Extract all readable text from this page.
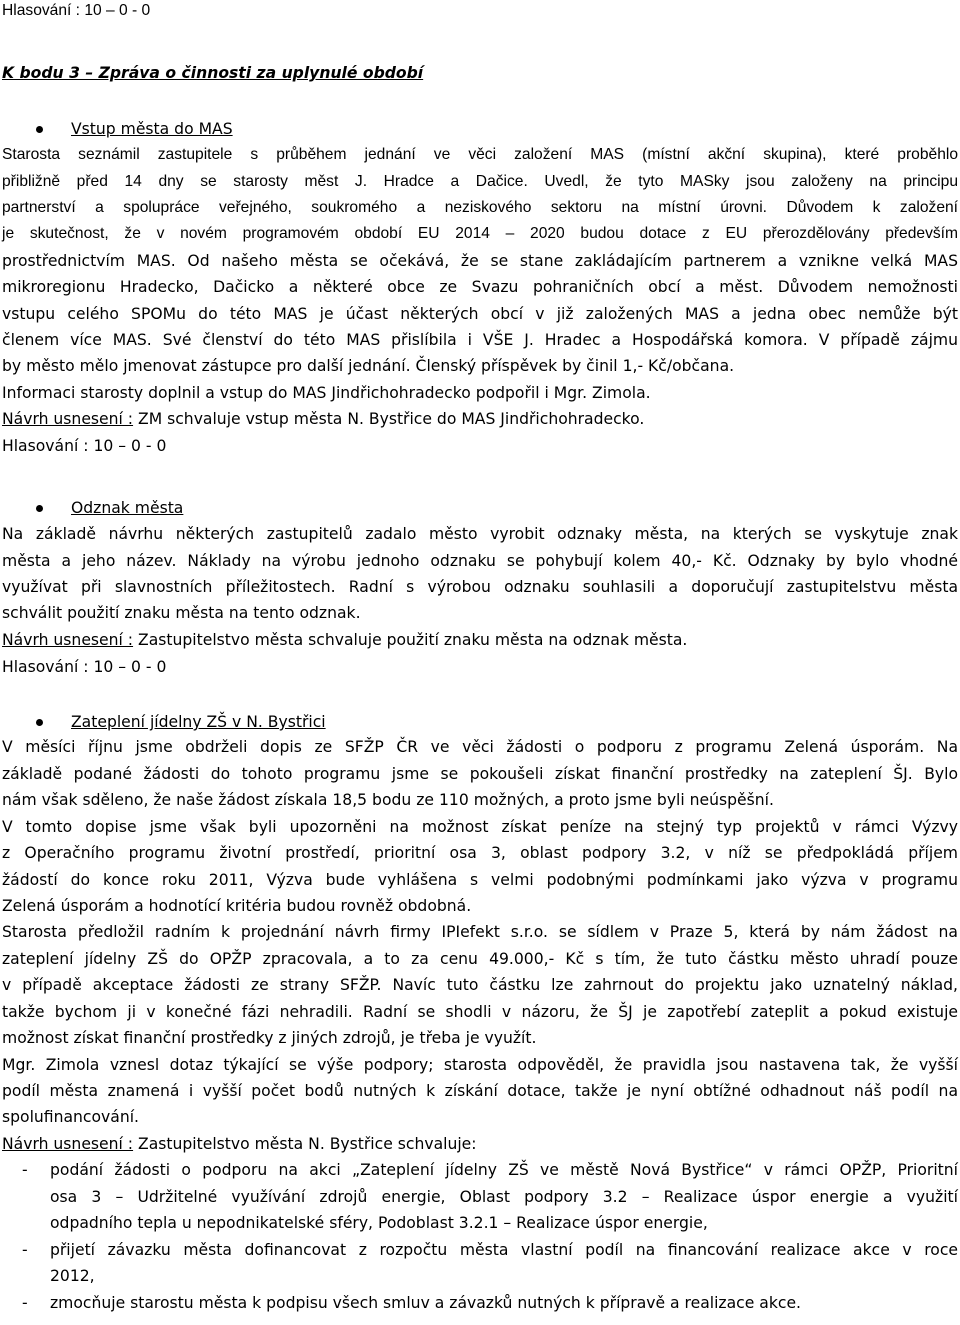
Hlasování : 10 – 0 - 0
K bodu 3 – Zpráva o činnosti za uplynulé období
Vstup města do MAS
Starosta seznámil zastupitele s průběhem jednání ve věci založení MAS (místní akční skupina), které proběhlo
přibližně před 14 dny se starosty měst J. Hradce a Dačice. Uvedl, že tyto MASky jsou založeny na principu
partnerství a spolupráce veřejného, soukromého a neziskového sektoru na místní úrovni. Důvodem k založení
je skutečnost, že v novém programovém období EU 2014 – 2020 budou dotace z EU přerozdělovány především
prostřednictvím MAS. Od našeho města se očekává, že se stane zakládajícím partnerem a vznikne velká MAS
mikroregionu Hradecko, Dačicko a některé obce ze Svazu pohraničních obcí a měst. Důvodem nemožnosti
vstupu celého SPOMu do této MAS je účast některých obcí v již založených MAS a jedna obec nemůže být
členem více MAS. Své členství do této MAS přislíbila i VŠE J. Hradec a Hospodářská komora. V případě zájmu
by město mělo jmenovat zástupce pro další jednání. Členský příspěvek by činil 1,- Kč/občana.
Informaci starosty doplnil a vstup do MAS Jindřichohradecko podpořil i Mgr. Zimola.
Hlasování : 10 – 0 - 0
Odznak města
Na základě návrhu některých zastupitelů zadalo město vyrobit odznaky města, na kterých se vyskytuje znak
města a jeho název. Náklady na výrobu jednoho odznaku se pohybují kolem 40,- Kč. Odznaky by bylo vhodné
využívat při slavnostních příležitostech. Radní s výrobou odznaku souhlasili a doporučují zastupitelstvu města
schválit použití znaku města na tento odznak.
Hlasování : 10 – 0 - 0
Zateplení jídelny ZŠ v N. Bystřici
V měsíci říjnu jsme obdrželi dopis ze SFŽP ČR ve věci žádosti o podporu z programu Zelená úsporám. Na
základě podané žádosti do tohoto programu jsme se pokoušeli získat finanční prostředky na zateplení ŠJ. Bylo
nám však sděleno, že naše žádost získala 18,5 bodu ze 110 možných, a proto jsme byli neúspěšní.
V tomto dopise jsme však byli upozorněni na možnost získat peníze na stejný typ projektů v rámci Výzvy
z Operačního programu životní prostředí, prioritní osa 3, oblast podpory 3.2, v níž se předpokládá příjem
žádostí do konce roku 2011, Výzva bude vyhlášena s velmi podobnými podmínkami jako výzva v programu
Zelená úsporám a hodnotící kritéria budou rovněž obdobná.
Starosta předložil radním k projednání návrh firmy IPIefekt s.r.o. se sídlem v Praze 5, která by nám žádost na
zateplení jídelny ZŠ do OPŽP zpracovala, a to za cenu 49.000,- Kč s tím, že tuto částku město uhradí pouze
v případě akceptace žádosti ze strany SFŽP. Navíc tuto částku lze zahrnout do projektu jako uznatelný náklad,
takže bychom ji v konečné fázi nehradili. Radní se shodli v názoru, že ŠJ je zapotřebí zateplit a pokud existuje
možnost získat finanční prostředky z jiných zdrojů, je třeba je využít.
Mgr. Zimola vznesl dotaz týkající se výše podpory; starosta odpověděl, že pravidla jsou nastavena tak, že vyšší
podíl města znamená i vyšší počet bodů nutných k získání dotace, takže je nyní obtížné odhadnout náš podíl na
spolufinancování.
Návrh usnesení : ZM schvaluje vstup města N. Bystřice do MAS Jindřichohradecko.
Návrh usnesení : Zastupitelstvo města schvaluje použití znaku města na odznak města.
Návrh usnesení : Zastupitelstvo města N. Bystřice schvaluje:
- podání žádosti o podporu na akci „Zateplení jídelny ZŠ ve městě Nová Bystřice“ v rámci OPŽP, Prioritní
osa 3 – Udržitelné využívání zdrojů energie, Oblast podpory 3.2 – Realizace úspor energie a využití
odpadního tepla u nepodnikatelské sféry, Podoblast 3.2.1 – Realizace úspor energie,
- přijetí závazku města dofinancovat z rozpočtu města vlastní podíl na financování realizace akce v roce
2012,
- zmocňuje starostu města k podpisu všech smluv a závazků nutných k přípravě a realizace akce.
